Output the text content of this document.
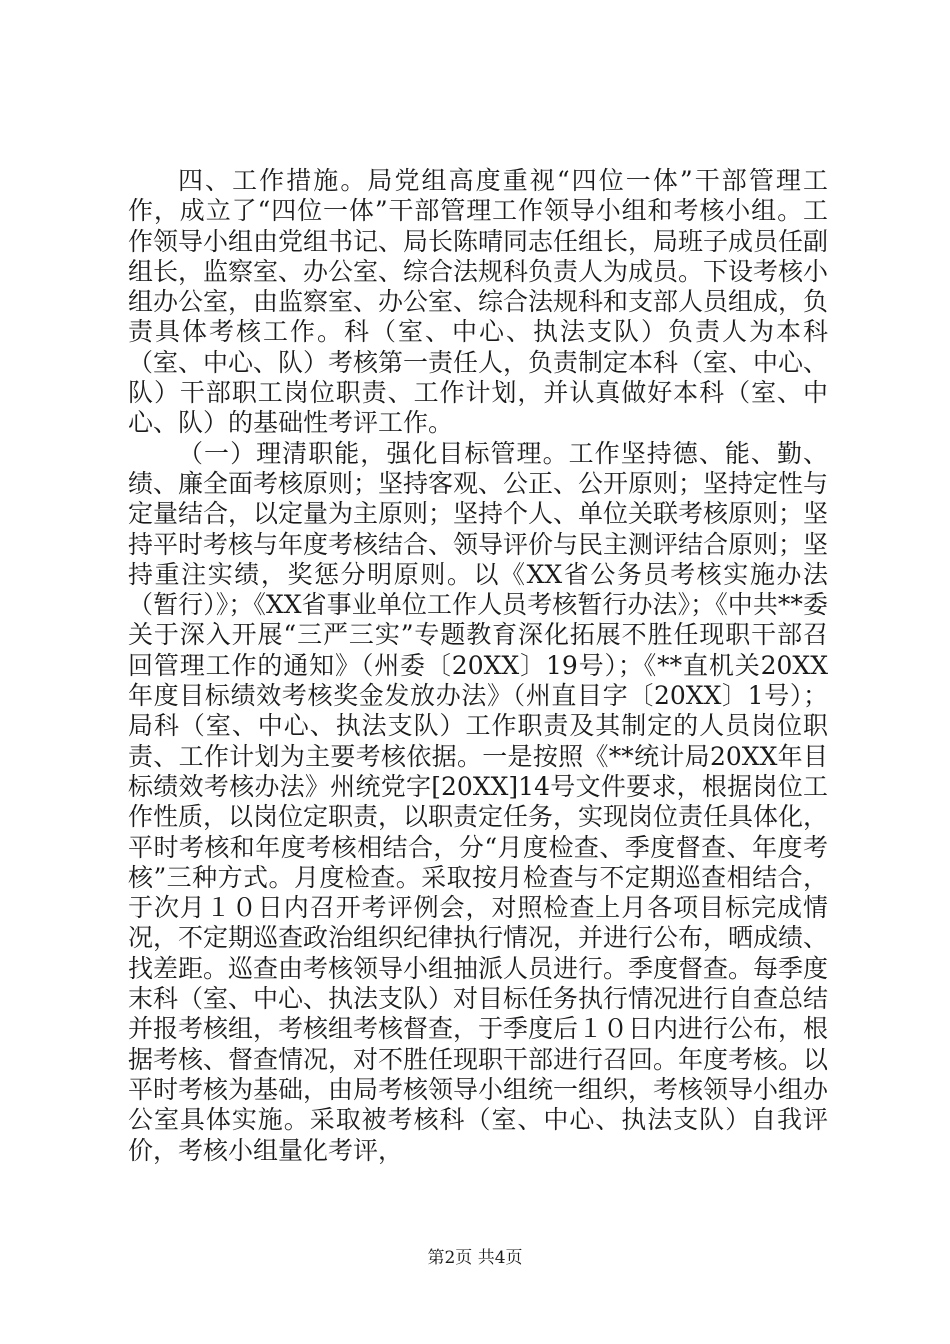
四、工作措施。局党组高度重视“四位一体”干部管理工作，成立了“四位一体”干部管理工作领导小组和考核小组。工作领导小组由党组书记、局长陈晴同志任组长，局班子成员任副组长，监察室、办公室、综合法规科负责人为成员。下设考核小组办公室，由监察室、办公室、综合法规科和支部人员组成，负责具体考核工作。科（室、中心、执法支队）负责人为本科（室、中心、队）考核第一责任人，负责制定本科（室、中心、队）干部职工岗位职责、工作计划，并认真做好本科（室、中心、队）的基础性考评工作。

（一）理清职能，强化目标管理。工作坚持德、能、勤、绩、廉全面考核原则；坚持客观、公正、公开原则；坚持定性与定量结合，以定量为主原则；坚持个人、单位关联考核原则；坚持平时考核与年度考核结合、领导评价与民主测评结合原则；坚持重注实绩，奖惩分明原则。以《XX省公务员考核实施办法（暂行）》；《XX省事业单位工作人员考核暂行办法》；《中共**委关于深入开展“三严三实”专题教育深化拓展不胜任现职干部召回管理工作的通知》（州委〔20XX〕19号）；《**直机关20XX年度目标绩效考核奖金发放办法》（州直目字〔20XX〕1号）；局科（室、中心、执法支队）工作职责及其制定的人员岗位职责、工作计划为主要考核依据。一是按照《**统计局20XX年目标绩效考核办法》州统党字[20XX]14号文件要求，根据岗位工作性质，以岗位定职责，以职责定任务，实现岗位责任具体化，平时考核和年度考核相结合，分“月度检查、季度督查、年度考核”三种方式。月度检查。采取按月检查与不定期巡查相结合，于次月１０日内召开考评例会，对照检查上月各项目标完成情况，不定期巡查政治组织纪律执行情况，并进行公布，晒成绩、找差距。巡查由考核领导小组抽派人员进行。季度督查。每季度末科（室、中心、执法支队）对目标任务执行情况进行自查总结并报考核组，考核组考核督查，于季度后１０日内进行公布，根据考核、督查情况，对不胜任现职干部进行召回。年度考核。以平时考核为基础，由局考核领导小组统一组织，考核领导小组办公室具体实施。采取被考核科（室、中心、执法支队）自我评价，考核小组量化考评，

第2页 共4页
